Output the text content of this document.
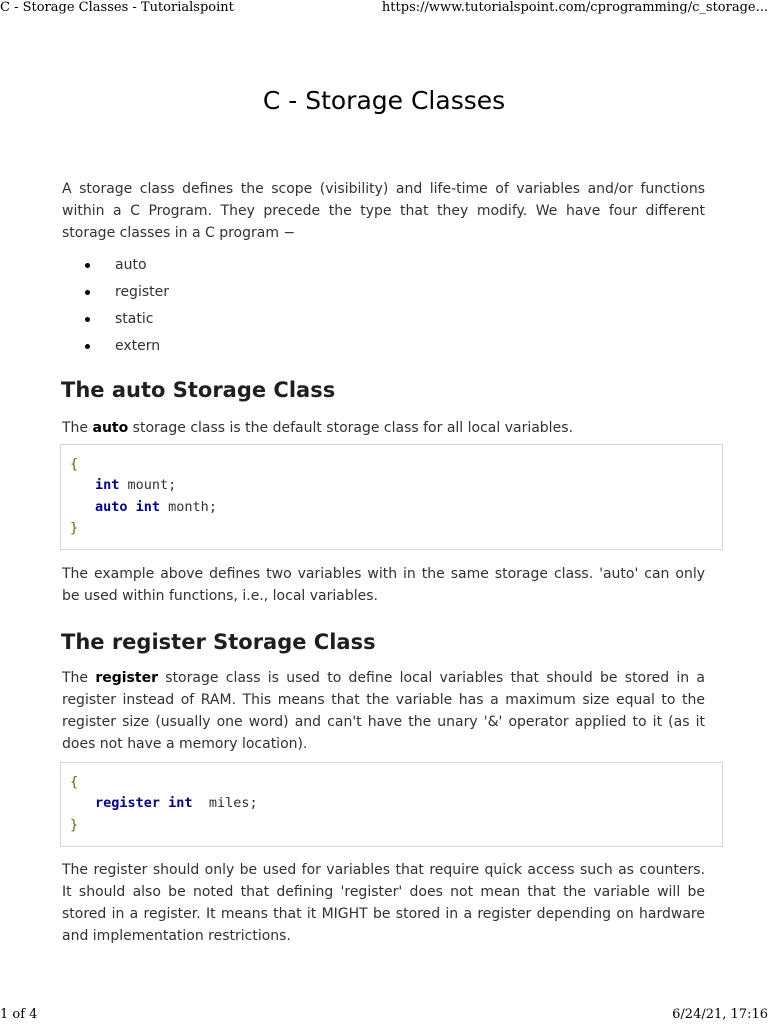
C - Storage Classes - Tutorialspoint	https://www.tutorialspoint.com/cprogramming/c_storage...
C - Storage Classes

A storage class defines the scope (visibility) and life-time of variables and/or functions within a C Program. They precede the type that they modify. We have four different storage classes in a C program −

auto
register
static
extern
The auto Storage Class

The auto storage class is the default storage class for all local variables.

{
int mount;
auto int month;
}

The example above defines two variables with in the same storage class. 'auto' can only be used within functions, i.e., local variables.

The register Storage Class

The register storage class is used to define local variables that should be stored in a register instead of RAM. This means that the variable has a maximum size equal to the register size (usually one word) and can't have the unary '&' operator applied to it (as it does not have a memory location).

{
register int  miles;
}

The register should only be used for variables that require quick access such as counters. It should also be noted that defining 'register' does not mean that the variable will be stored in a register. It means that it MIGHT be stored in a register depending on hardware and implementation restrictions.

1 of 4	6/24/21, 17:16
